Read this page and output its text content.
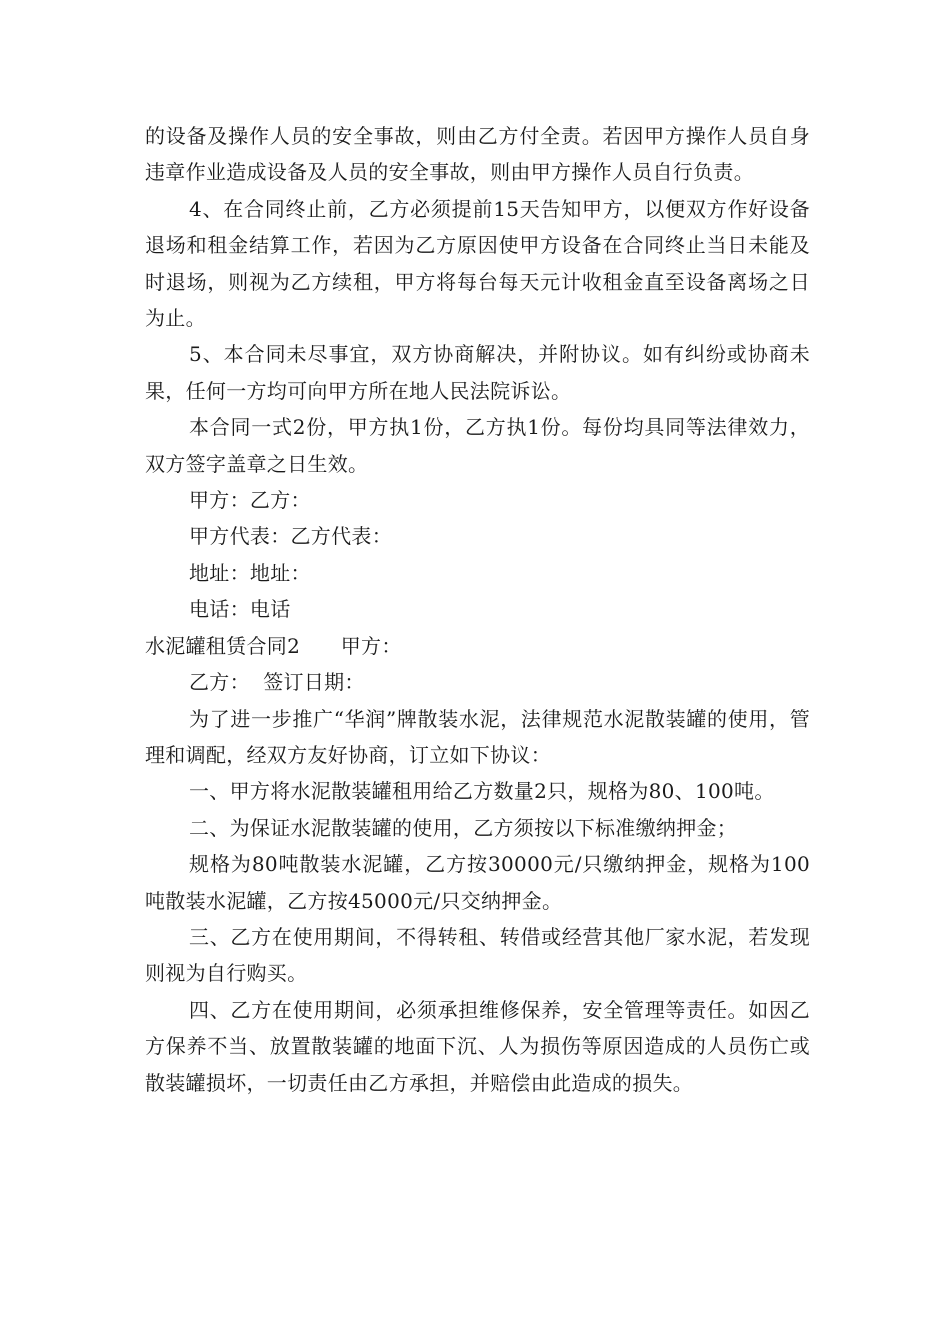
的设备及操作人员的安全事故，则由乙方付全责。若因甲方操作人员自身违章作业造成设备及人员的安全事故，则由甲方操作人员自行负责。

4、在合同终止前，乙方必须提前15天告知甲方，以便双方作好设备退场和租金结算工作，若因为乙方原因使甲方设备在合同终止当日未能及时退场，则视为乙方续租，甲方将每台每天元计收租金直至设备离场之日为止。

5、本合同未尽事宜，双方协商解决，并附协议。如有纠纷或协商未果，任何一方均可向甲方所在地人民法院诉讼。

本合同一式2份，甲方执1份，乙方执1份。每份均具同等法律效力，双方签字盖章之日生效。

甲方：乙方：

甲方代表：乙方代表：

地址：地址：

电话：电话

水泥罐租赁合同2　　甲方：

乙方：  签订日期：

为了进一步推广“华润”牌散装水泥，法律规范水泥散装罐的使用，管理和调配，经双方友好协商，订立如下协议：

一、甲方将水泥散装罐租用给乙方数量2只，规格为80、100吨。

二、为保证水泥散装罐的使用，乙方须按以下标准缴纳押金；

规格为80吨散装水泥罐，乙方按30000元/只缴纳押金，规格为100吨散装水泥罐，乙方按45000元/只交纳押金。

三、乙方在使用期间，不得转租、转借或经营其他厂家水泥，若发现则视为自行购买。

四、乙方在使用期间，必须承担维修保养，安全管理等责任。如因乙方保养不当、放置散装罐的地面下沉、人为损伤等原因造成的人员伤亡或散装罐损坏，一切责任由乙方承担，并赔偿由此造成的损失。
